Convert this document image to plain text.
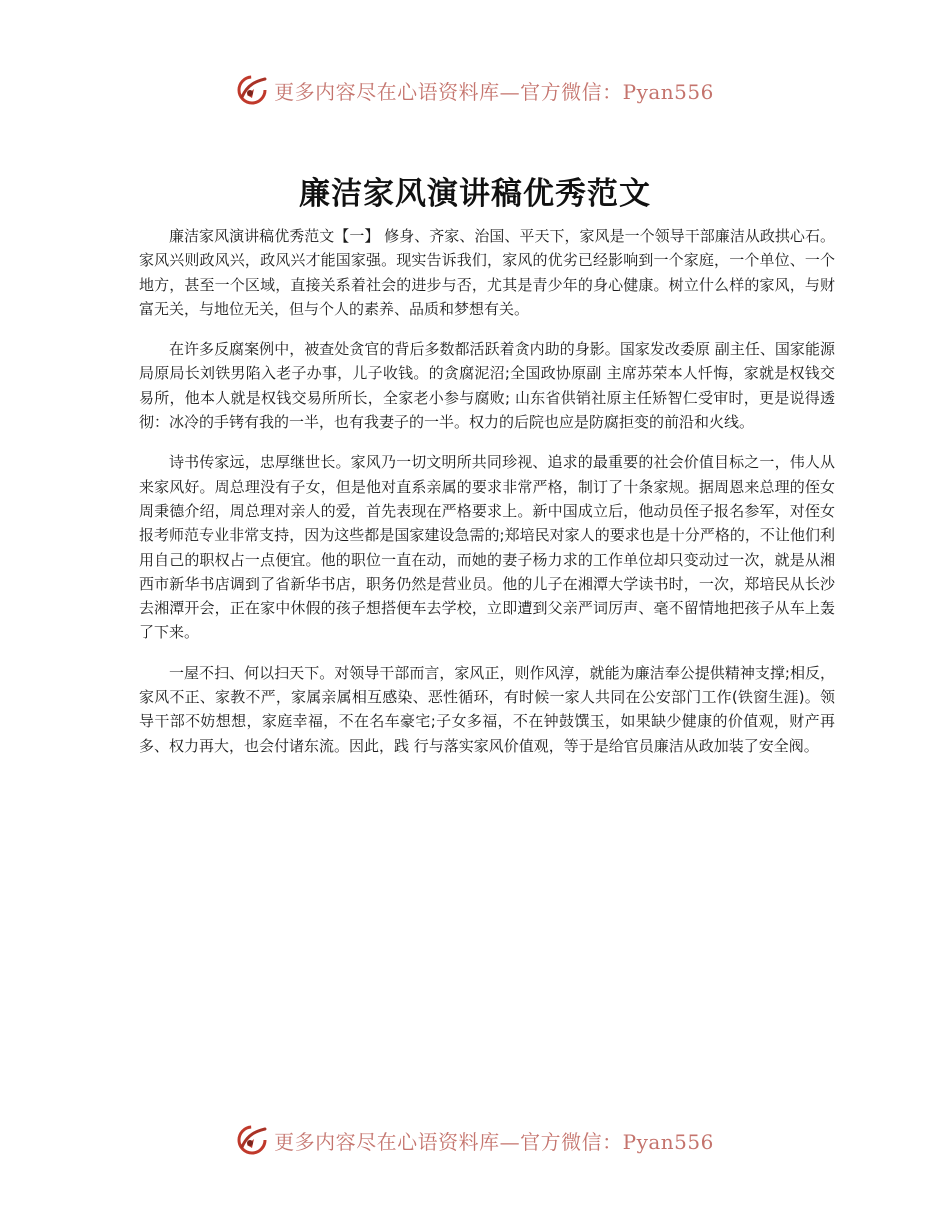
更多内容尽在心语资料库—官方微信：Pyan556
廉洁家风演讲稿优秀范文

廉洁家风演讲稿优秀范文【一】 修身、齐家、治国、平天下，家风是一个领导干部廉洁从政拱心石。家风兴则政风兴，政风兴才能国家强。现实告诉我们，家风的优劣已经影响到一个家庭，一个单位、一个地方，甚至一个区域，直接关系着社会的进步与否，尤其是青少年的身心健康。树立什么样的家风，与财富无关，与地位无关，但与个人的素养、品质和梦想有关。

在许多反腐案例中，被查处贪官的背后多数都活跃着贪内助的身影。国家发改委原 副主任、国家能源局原局长刘铁男陷入老子办事，儿子收钱。的贪腐泥沼;全国政协原副 主席苏荣本人忏悔，家就是权钱交易所，他本人就是权钱交易所所长，全家老小参与腐败; 山东省供销社原主任矫智仁受审时，更是说得透彻：冰冷的手铐有我的一半，也有我妻子的一半。权力的后院也应是防腐拒变的前沿和火线。

诗书传家远，忠厚继世长。家风乃一切文明所共同珍视、追求的最重要的社会价值目标之一，伟人从来家风好。周总理没有子女，但是他对直系亲属的要求非常严格，制订了十条家规。据周恩来总理的侄女周秉德介绍，周总理对亲人的爱，首先表现在严格要求上。新中国成立后，他动员侄子报名参军，对侄女报考师范专业非常支持，因为这些都是国家建设急需的;郑培民对家人的要求也是十分严格的，不让他们利用自己的职权占一点便宜。他的职位一直在动，而她的妻子杨力求的工作单位却只变动过一次，就是从湘西市新华书店调到了省新华书店，职务仍然是营业员。他的儿子在湘潭大学读书时，一次，郑培民从长沙去湘潭开会，正在家中休假的孩子想搭便车去学校，立即遭到父亲严词厉声、毫不留情地把孩子从车上轰了下来。

一屋不扫、何以扫天下。对领导干部而言，家风正，则作风淳，就能为廉洁奉公提供精神支撑;相反，家风不正、家教不严，家属亲属相互感染、恶性循环，有时候一家人共同在公安部门工作(铁窗生涯)。领导干部不妨想想，家庭幸福，不在名车豪宅;子女多福，不在钟鼓馔玉，如果缺少健康的价值观，财产再多、权力再大，也会付诸东流。因此，践 行与落实家风价值观，等于是给官员廉洁从政加装了安全阀。

更多内容尽在心语资料库—官方微信：Pyan556
